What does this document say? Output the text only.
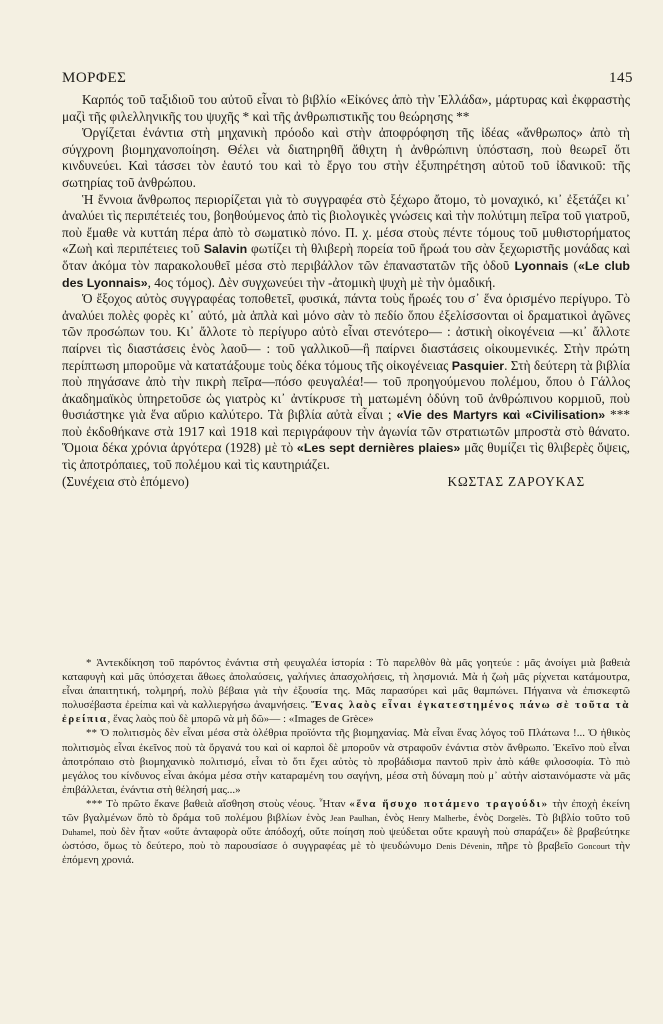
ΜΟΡΦΕΣ	145

Καρπός τοῦ ταξιδιοῦ του αὐτοῦ εἶναι τὸ βιβλίο «Εἰκόνες ἀπὸ τὴν Ἑλλάδα», μάρτυρας καὶ ἐκφραστὴς μαζὶ τῆς φιλελληνικῆς του ψυχῆς * καὶ τῆς ἀνθρωπιστικῆς του θεώρησης **

Ὀργίζεται ἐνάντια στὴ μηχανικὴ πρόοδο καὶ στὴν ἀποφρόφηση τῆς ἰδέας «ἄνθρωπος» ἀπὸ τὴ σύγχρονη βιομηχανοποίηση. Θέλει νὰ διατηρηθῆ ἄθιχτη ἡ ἀνθρώπινη ὑπόσταση, ποὺ θεωρεῖ ὅτι κινδυνεύει. Καὶ τάσσει τὸν ἑαυτό του καὶ τὸ ἔργο του στὴν ἐξυπηρέτηση αὐτοῦ τοῦ ἰδανικοῦ: τῆς σωτηρίας τοῦ ἀνθρώπου.

Ἡ ἔννοια ἄνθρωπος περιορίζεται γιὰ τὸ συγγραφέα στὸ ξέχωρο ἄτομο, τὸ μοναχικό, κι᾽ ἐξετάζει κι᾽ ἀναλύει τὶς περιπέτειές του, βοηθούμενος ἀπὸ τὶς βιολογικὲς γνώσεις καὶ τὴν πολύτιμη πεῖρα τοῦ γιατροῦ, ποὺ ἔμαθε νὰ κυττάη πέρα ἀπὸ τὸ σωματικὸ πόνο. Π. χ. μέσα στοὺς πέντε τόμους τοῦ μυθιστορήματος «Ζωὴ καὶ περιπέτειες τοῦ Salavin φωτίζει τὴ θλιβερὴ πορεία τοῦ ἥρωά του σὰν ξεχωριστῆς μονάδας καὶ ὅταν ἀκόμα τὸν παρακολουθεῖ μέσα στὸ περιβάλλον τῶν ἐπαναστατῶν τῆς ὁδοῦ Lyonnais («Le club des Lyonnais», 4ος τόμος). Δὲν συγχωνεύει τὴν -ἀτομικὴ ψυχὴ μὲ τὴν ὁμαδική.

Ὁ ἔξοχος αὐτὸς συγγραφέας τοποθετεῖ, φυσικά, πάντα τοὺς ἥρωές του σ᾽ ἕνα ὁρισμένο περίγυρο. Τὸ ἀναλύει πολὲς φορὲς κι᾽ αὐτό, μὰ ἁπλὰ καὶ μόνο σὰν τὸ πεδίο ὅπου ἐξελίσσονται οἱ δραματικοὶ ἀγῶνες τῶν προσώπων του. Κι᾽ ἄλλοτε τὸ περίγυρο αὐτὸ εἶναι στενότερο— : ἀστικὴ οἰκογένεια —κι᾽ ἄλλοτε παίρνει τὶς διαστάσεις ἑνὸς λαοῦ— : τοῦ γαλλικοῦ—ἢ παίρνει διαστάσεις οἰκουμενικές. Στὴν πρώτη περίπτωση μποροῦμε νὰ κατατάξουμε τοὺς δέκα τόμους τῆς οἰκογένειας Pasquier. Στὴ δεύτερη τὰ βιβλία ποὺ πηγάσανε ἀπὸ τὴν πικρὴ πεῖρα—πόσο φευγαλέα!— τοῦ προηγούμενου πολέμου, ὅπου ὁ Γάλλος ἀκαδημαϊκὸς ὑπηρετοῦσε ὡς γιατρὸς κι᾽ ἀντίκρυσε τὴ ματωμένη ὀδύνη τοῦ ἀνθρώπινου κορμιοῦ, ποὺ θυσιάστηκε γιὰ ἕνα αὔριο καλύτερο. Τὰ βιβλία αὐτὰ εἶναι ; «Vie des Martyrs καὶ «Civilisation» *** ποὺ ἐκδοθήκανε στὰ 1917 καὶ 1918 καὶ περιγράφουν τὴν ἀγωνία τῶν στρατιωτῶν μπροστὰ στὸ θάνατο. Ὅμοια δέκα χρόνια ἀργότερα (1928) μὲ τὸ «Les sept dernières plaies» μᾶς θυμίζει τὶς θλιβερὲς ὄψεις, τὶς ἀποτρόπαιες, τοῦ πολέμου καὶ τὶς καυτηριάζει.

(Συνέχεια στὸ ἑπόμενο)	ΚΩΣΤΑΣ ΖΑΡΟΥΚΑΣ

* Ἀντεκδίκηση τοῦ παρόντος ἐνάντια στὴ φευγαλέα ἱστορία : Τὸ παρελθὸν θὰ μᾶς γοητεύε : μᾶς ἀνοίγει μιὰ βαθειὰ καταφυγὴ καὶ μᾶς ὑπόσχεται ἄθωες ἀπολαύσεις, γαλήνιες ἀπασχολήσεις, τὴ λησμονιά. Μὰ ἡ ζωὴ μᾶς ρίχνεται κατάμουτρα, εἶναι ἀπαιτητική, τολμηρή, πολὺ βέβαια γιὰ τὴν ἐξουσία της. Μᾶς παρασύρει καὶ μᾶς θαμπώνει. Πήγαινα νὰ ἐπισκεφτῶ πολυσέβαστα ἐρείπια καὶ νὰ καλλιεργήσω ἀναμνήσεις. Ἕνας λαὸς εἶναι ἐγκατεστημένος πάνω σὲ τοῦτα τὰ ἐρείπια, ἕνας λαὸς ποὺ δὲ μπορῶ νὰ μὴ δῶ»— : «Images de Grèce»

** Ὁ πολιτισμὸς δὲν εἶναι μέσα στὰ ὀλέθρια προϊόντα τῆς βιομηχανίας. Μὰ εἶναι ἕνας λόγος τοῦ Πλάτωνα !... Ὁ ἠθικὸς πολιτισμὸς εἶναι ἐκεῖνος ποὺ τὰ ὄργανά του καὶ οἱ καρποὶ δὲ μποροῦν νὰ στραφοῦν ἐνάντια στὸν ἄνθρωπο. Ἐκεῖνο ποὺ εἶναι ἀποτρόπαιο στὸ βιομηχανικὸ πολιτισμό, εἶναι τὸ ὅτι ἔχει αὐτὸς τὸ προβάδισμα παντοῦ πρὶν ἀπὸ κάθε φιλοσοφία. Τὸ πιὸ μεγάλος του κίνδυνος εἶναι ἀκόμα μέσα στὴν καταραμένη του σαγήνη, μέσα στὴ δύναμη ποὺ μ᾽ αὐτὴν αἰσταινόμαστε νὰ μᾶς ἐπιβάλλεται, ἐνάντια στὴ θέλησή μας...»

*** Τὸ πρῶτο ἔκανε βαθειὰ αἴσθηση στοὺς νέους. Ἦταν «ἕνα ἥσυχο ποτάμενο τραγούδι» τὴν ἐποχὴ ἐκείνη τῶν βγαλμένων ὄπὸ τὸ δράμα τοῦ πολέμου βιβλίων ἑνὸς Jean Paulhan, ἑνὸς Henry Malherbe, ἑνὸς Dorgelès. Τὸ βιβλίο τοῦτο τοῦ Duhamel, ποὺ δὲν ἦταν «οὔτε ἀνταφορὰ οὔτε ἀπόδοχή, οὔτε ποίηση ποὺ ψεύδεται οὔτε κραυγὴ ποὺ σπαράζει» δὲ βραβεύτηκε ὡστόσο, ὅμως τὸ δεύτερο, ποὺ τὸ παρουσίασε ὁ συγγραφέας μὲ τὸ ψευδώνυμο Denis Dévenin, πῆρε τὸ βραβεῖο Goncourt τὴν ἑπόμενη χρονιά.
